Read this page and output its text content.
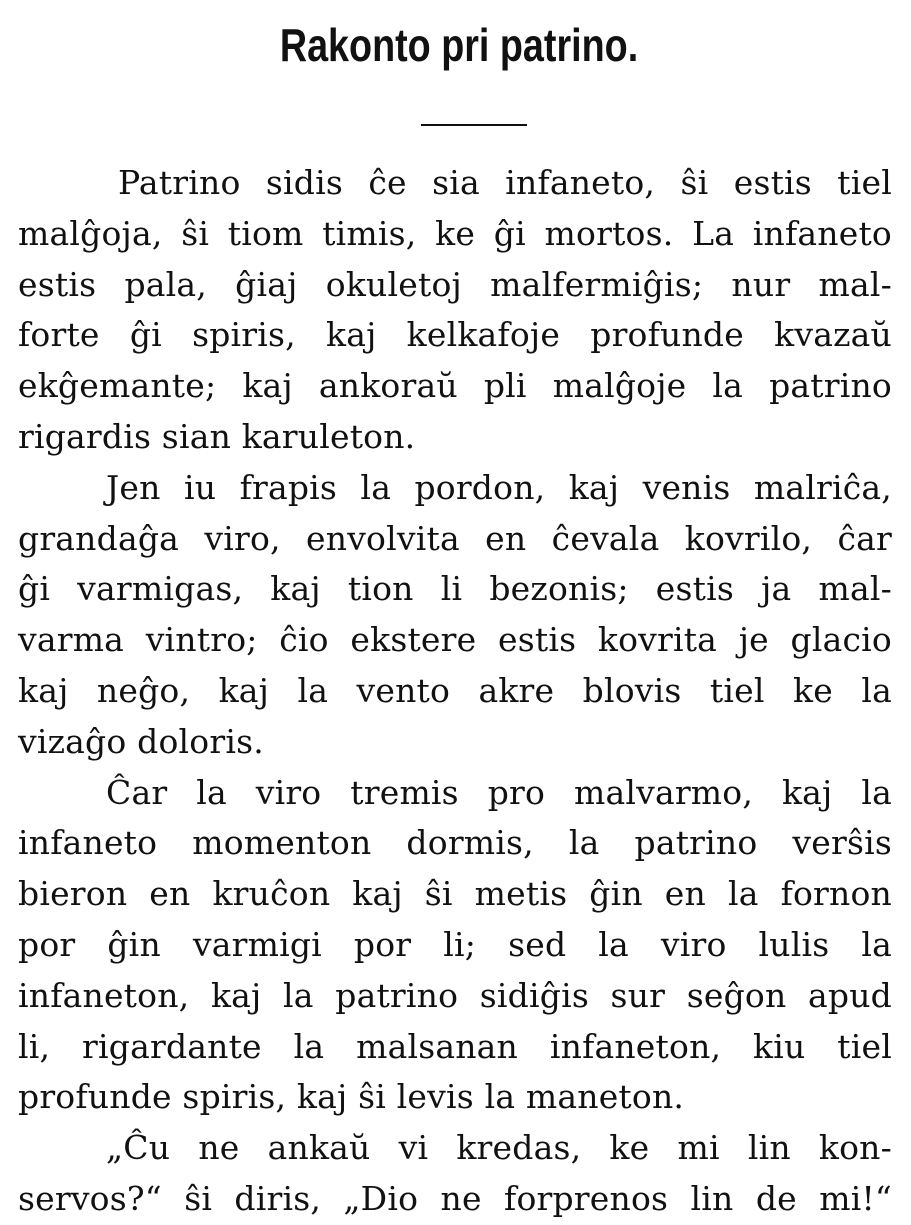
Rakonto pri patrino.
Patrino sidis ĉe sia infaneto, ŝi estis tiel
malĝoja, ŝi tiom timis, ke ĝi mortos. La infaneto
estis pala, ĝiaj okuletoj malfermiĝis; nur mal-
forte ĝi spiris, kaj kelkafoje profunde kvazaŭ
ekĝemante; kaj ankoraŭ pli malĝoje la patrino
rigardis sian karuleton.
Jen iu frapis la pordon, kaj venis malriĉa,
grandaĝa viro, envolvita en ĉevala kovrilo, ĉar
ĝi varmigas, kaj tion li bezonis; estis ja mal-
varma vintro; ĉio ekstere estis kovrita je glacio
kaj neĝo, kaj la vento akre blovis tiel ke la
vizaĝo doloris.
Ĉar la viro tremis pro malvarmo, kaj la
infaneto momenton dormis, la patrino verŝis
bieron en kruĉon kaj ŝi metis ĝin en la fornon
por ĝin varmigi por li; sed la viro lulis la
infaneton, kaj la patrino sidiĝis sur seĝon apud
li, rigardante la malsanan infaneton, kiu tiel
profunde spiris, kaj ŝi levis la maneton.
„Ĉu ne ankaŭ vi kredas, ke mi lin kon-
servos?“ ŝi diris, „Dio ne forprenos lin de mi!“
